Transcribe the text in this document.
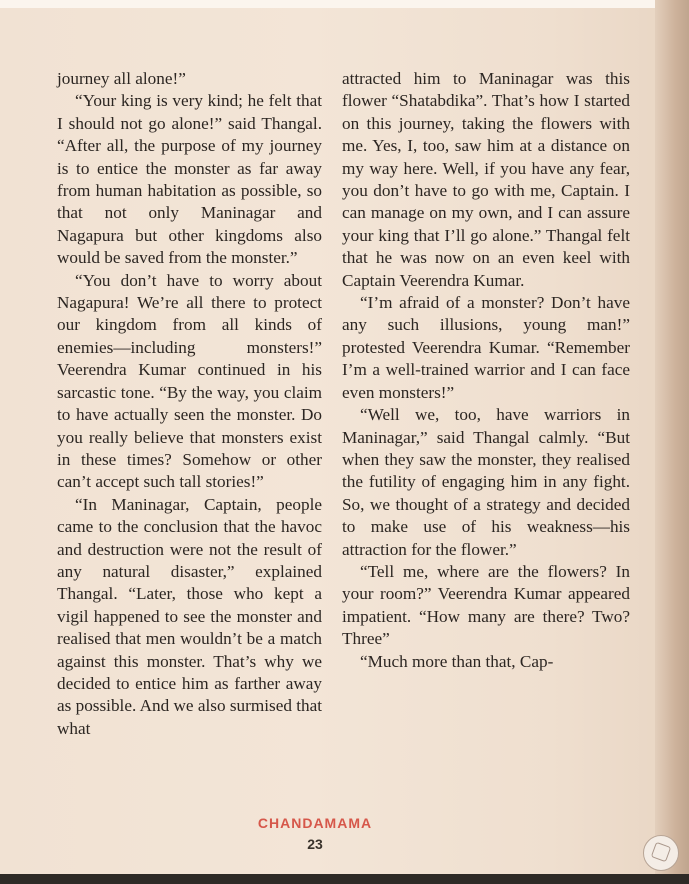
journey all alone!”

“Your king is very kind; he felt that I should not go alone!” said Thangal. “After all, the purpose of my journey is to entice the monster as far away from human habitation as possible, so that not only Maninagar and Nagapura but other kingdoms also would be saved from the monster.”

“You don’t have to worry about Nagapura! We’re all there to protect our kingdom from all kinds of enemies—including monsters!” Veerendra Kumar continued in his sarcastic tone. “By the way, you claim to have actually seen the monster. Do you really believe that monsters exist in these times? Somehow or other can’t accept such tall stories!”

“In Maninagar, Captain, people came to the conclusion that the havoc and destruction were not the result of any natural disaster,” explained Thangal. “Later, those who kept a vigil happened to see the monster and realised that men wouldn’t be a match against this monster. That’s why we decided to entice him as farther away as possible. And we also surmised that what

attracted him to Maninagar was this flower “Shatabdika”. That’s how I started on this journey, taking the flowers with me. Yes, I, too, saw him at a distance on my way here. Well, if you have any fear, you don’t have to go with me, Captain. I can manage on my own, and I can assure your king that I’ll go alone.” Thangal felt that he was now on an even keel with Captain Veerendra Kumar.

“I’m afraid of a monster? Don’t have any such illusions, young man!” protested Veerendra Kumar. “Remember I’m a well-trained warrior and I can face even monsters!”

“Well we, too, have warriors in Maninagar,” said Thangal calmly. “But when they saw the monster, they realised the futility of engaging him in any fight. So, we thought of a strategy and decided to make use of his weakness—his attraction for the flower.”

“Tell me, where are the flowers? In your room?” Veerendra Kumar appeared impatient. “How many are there? Two? Three”

“Much more than that, Cap-

CHANDAMAMA
23
